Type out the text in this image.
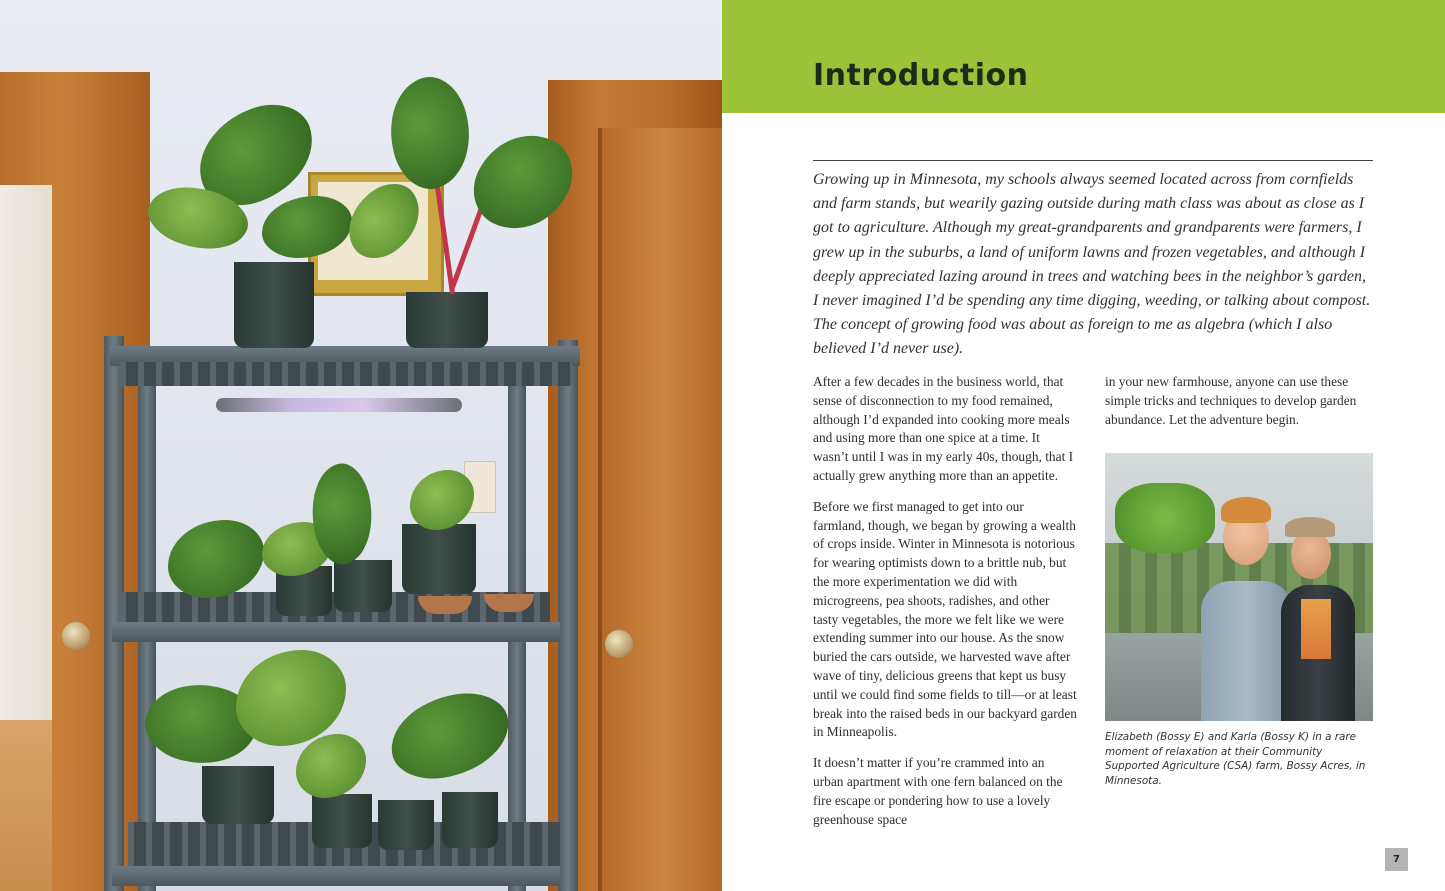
Introduction

Growing up in Minnesota, my schools always seemed located across from cornfields and farm stands, but wearily gazing outside during math class was about as close as I got to agriculture. Although my great-grandparents and grandparents were farmers, I grew up in the suburbs, a land of uniform lawns and frozen vegetables, and although I deeply appreciated lazing around in trees and watching bees in the neighbor’s garden, I never imagined I’d be spending any time digging, weeding, or talking about compost. The concept of growing food was about as foreign to me as algebra (which I also believed I’d never use).

After a few decades in the business world, that sense of disconnection to my food remained, although I’d expanded into cooking more meals and using more than one spice at a time. It wasn’t until I was in my early 40s, though, that I actually grew anything more than an appetite.

Before we first managed to get into our farmland, though, we began by growing a wealth of crops inside. Winter in Minnesota is notorious for wearing optimists down to a brittle nub, but the more experimentation we did with microgreens, pea shoots, radishes, and other tasty vegetables, the more we felt like we were extending summer into our house. As the snow buried the cars outside, we harvested wave after wave of tiny, delicious greens that kept us busy until we could find some fields to till—or at least break into the raised beds in our backyard garden in Minneapolis.

It doesn’t matter if you’re crammed into an urban apartment with one fern balanced on the fire escape or pondering how to use a lovely greenhouse space

in your new farmhouse, anyone can use these simple tricks and techniques to develop garden abundance. Let the adventure begin.

Elizabeth (Bossy E) and Karla (Bossy K) in a rare moment of relaxation at their Community Supported Agriculture (CSA) farm, Bossy Acres, in Minnesota.

7
